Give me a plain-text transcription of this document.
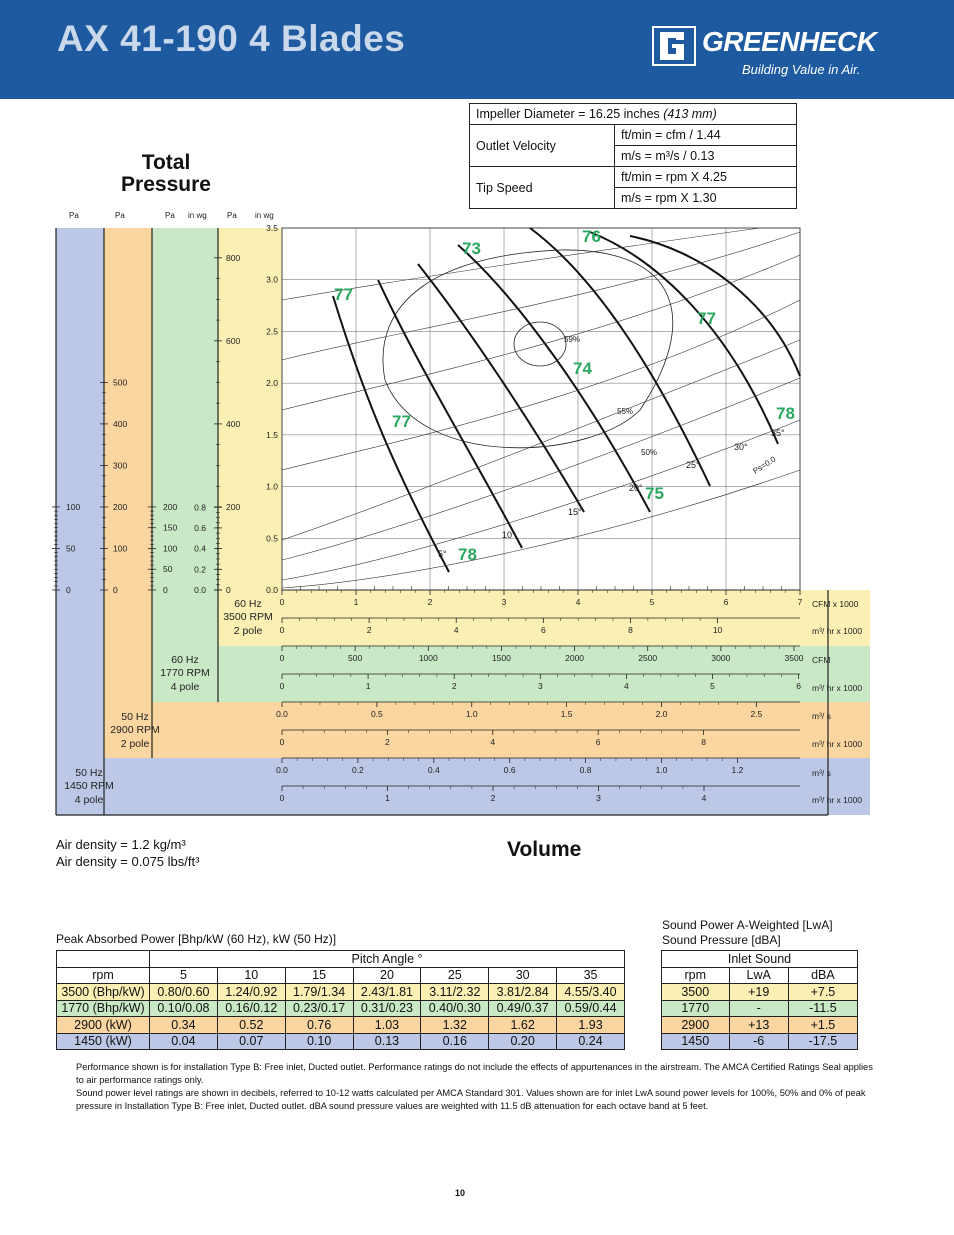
AX 41-190 4 Blades	GREENHECK
Building Value in Air.
Impeller Diameter = 16.25 inches (413 mm)	
Outlet Velocity	ft/min = cfm / 1.44
	m/s = m³/s / 0.13
Tip Speed	ft/min = rpm X 4.25
	m/s = rpm X 1.30
Total
Pressure
0.0
0.5
1.0
1.5
2.0
2.5
3.0
3.5
0
200
400
600
800
0.0
0.2
0.4
0.6
0.8
0
50
100
150
200
0
100
200
300
400
500
0
50
100
0	1	2	3	4	5	6	7
0	2	4	6	8	10
0	500	1000	1500	2000	2500	3000	3500
0	1	2	3	4	5	6
0.0	0.5	1.0	1.5	2.0	2.5
0	2	4	6	8
0.0	0.2	0.4	0.6	0.8	1.0	1.2
0	1	2	3	4
Pa	Pa	Pa in wg	Pa in wg
60 Hz
3500 RPM
2 pole
60 Hz
1770 RPM
4 pole
50 Hz
2900 RPM
2 pole
50 Hz
1450 RPM
4 pole
CFM x 1000
m³/ hr x 1000
CFM
m³/ hr x 1000
m³/ s
m³/ hr x 1000
m³/ s
m³/ hr x 1000
5°
10°
15°
20°
25°
30°
35°
59%
55%
50%
Ps=0.0
73
76
77
77
74
77	78
75
78
Volume
Air density = 1.2 kg/m³
Air density = 0.075 lbs/ft³
Peak Absorbed Power [Bhp/kW (60 Hz), kW (50 Hz)]
	Pitch Angle °						
rpm	5	10	15	20	25	30	35
3500 (Bhp/kW)	0.80/0.60	1.24/0.92	1.79/1.34	2.43/1.81	3.11/2.32	3.81/2.84	4.55/3.40
1770 (Bhp/kW)	0.10/0.08	0.16/0.12	0.23/0.17	0.31/0.23	0.40/0.30	0.49/0.37	0.59/0.44
2900 (kW)	0.34	0.52	0.76	1.03	1.32	1.62	1.93
1450 (kW)	0.04	0.07	0.10	0.13	0.16	0.20	0.24
Sound Power A-Weighted [LwA]
Sound Pressure [dBA]
Inlet Sound		
rpm	LwA	dBA
3500	+19	+7.5
1770	-	-11.5
2900	+13	+1.5
1450	-6	-17.5
Performance shown is for installation Type B: Free inlet, Ducted outlet. Performance ratings do not include the effects of appurtenances in the airstream. The AMCA Certified Ratings Seal applies to air performance ratings only.
Sound power level ratings are shown in decibels, referred to 10-12 watts calculated per AMCA Standard 301. Values shown are for inlet LwA sound power levels for 100%, 50% and 0% of peak pressure in Installation Type B: Free inlet, Ducted outlet. dBA sound pressure values are weighted with 11.5 dB attenuation for each octave band at 5 feet.
10
